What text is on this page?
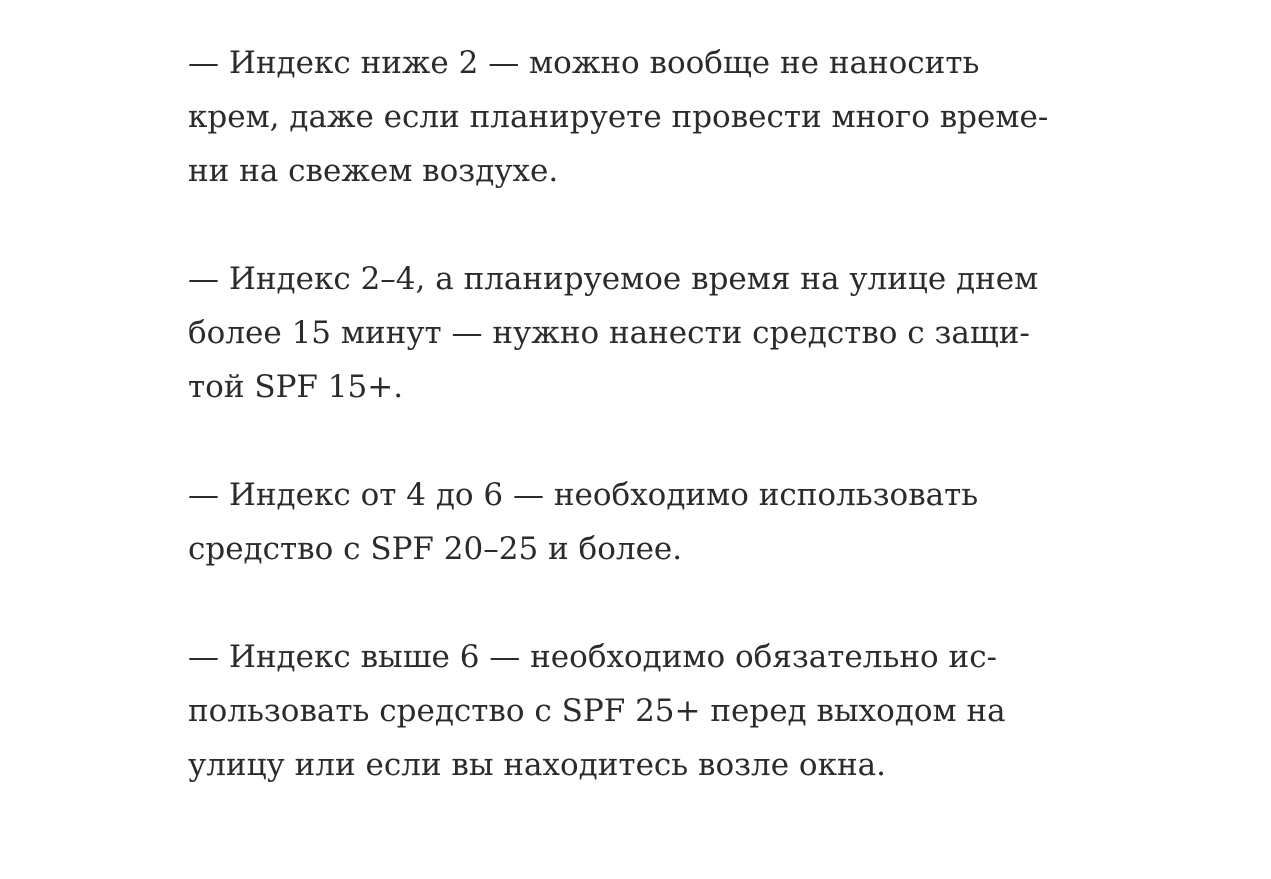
— Индекс ниже 2 — можно вообще не наносить
крем, даже если планируете провести много време-
ни на свежем воздухе.

— Индекс 2–4, а планируемое время на улице днем
более 15 минут — нужно нанести средство с защи-
той SPF 15+.

— Индекс от 4 до 6 — необходимо использовать
средство с SPF 20–25 и более.

— Индекс выше 6 — необходимо обязательно ис-
пользовать средство с SPF 25+ перед выходом на
улицу или если вы находитесь возле окна.
